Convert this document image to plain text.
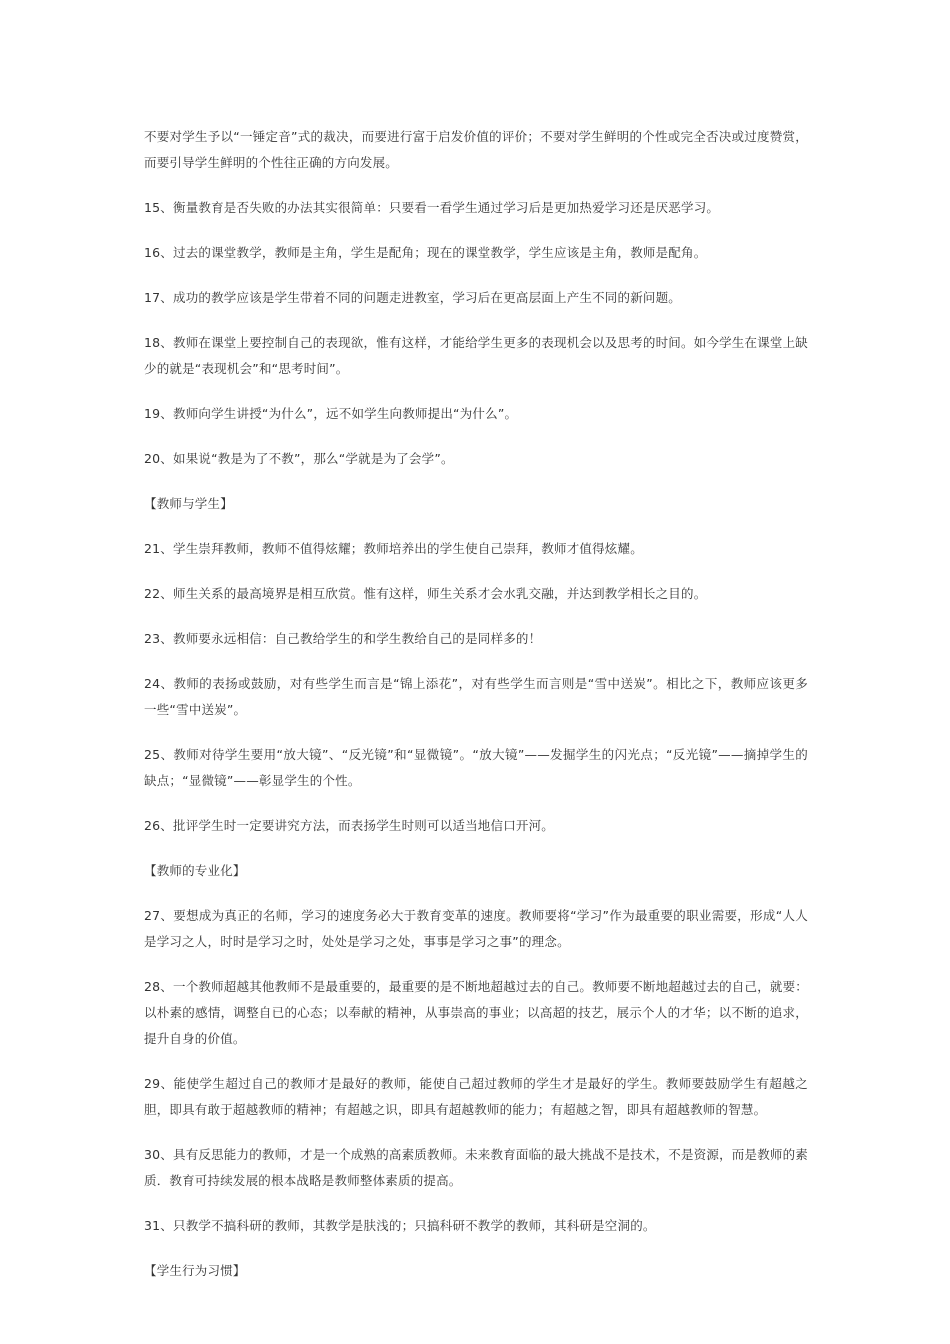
不要对学生予以“一锤定音”式的裁决，而要进行富于启发价值的评价；不要对学生鲜明的个性或完全否决或过度赞赏，而要引导学生鲜明的个性往正确的方向发展。

15、衡量教育是否失败的办法其实很简单：只要看一看学生通过学习后是更加热爱学习还是厌恶学习。

16、过去的课堂教学，教师是主角，学生是配角；现在的课堂教学，学生应该是主角，教师是配角。

17、成功的教学应该是学生带着不同的问题走进教室，学习后在更高层面上产生不同的新问题。

18、教师在课堂上要控制自己的表现欲，惟有这样，才能给学生更多的表现机会以及思考的时间。如今学生在课堂上缺少的就是“表现机会”和“思考时间”。

19、教师向学生讲授“为什么”，远不如学生向教师提出“为什么”。

20、如果说“教是为了不教”，那么“学就是为了会学”。

【教师与学生】

21、学生崇拜教师，教师不值得炫耀；教师培养出的学生使自己崇拜，教师才值得炫耀。

22、师生关系的最高境界是相互欣赏。惟有这样，师生关系才会水乳交融，并达到教学相长之目的。

23、教师要永远相信：自己教给学生的和学生教给自己的是同样多的！

24、教师的表扬或鼓励，对有些学生而言是“锦上添花”，对有些学生而言则是“雪中送炭”。相比之下，教师应该更多一些“雪中送炭”。

25、教师对待学生要用“放大镜”、“反光镜”和“显微镜”。“放大镜”——发掘学生的闪光点；“反光镜”——摘掉学生的缺点；“显微镜”——彰显学生的个性。

26、批评学生时一定要讲究方法，而表扬学生时则可以适当地信口开河。

【教师的专业化】

27、要想成为真正的名师，学习的速度务必大于教育变革的速度。教师要将“学习”作为最重要的职业需要，形成“人人是学习之人，时时是学习之时，处处是学习之处，事事是学习之事”的理念。

28、一个教师超越其他教师不是最重要的，最重要的是不断地超越过去的自己。教师要不断地超越过去的自己，就要：以朴素的感情，调整自已的心态；以奉献的精神，从事崇高的事业；以高超的技艺，展示个人的才华；以不断的追求，提升自身的价值。

29、能使学生超过自己的教师才是最好的教师，能使自己超过教师的学生才是最好的学生。教师要鼓励学生有超越之胆，即具有敢于超越教师的精神；有超越之识，即具有超越教师的能力；有超越之智，即具有超越教师的智慧。

30、具有反思能力的教师，才是一个成熟的高素质教师。未来教育面临的最大挑战不是技术，不是资源，而是教师的素质．教育可持续发展的根本战略是教师整体素质的提高。

31、只教学不搞科研的教师，其教学是肤浅的；只搞科研不教学的教师，其科研是空洞的。

【学生行为习惯】
